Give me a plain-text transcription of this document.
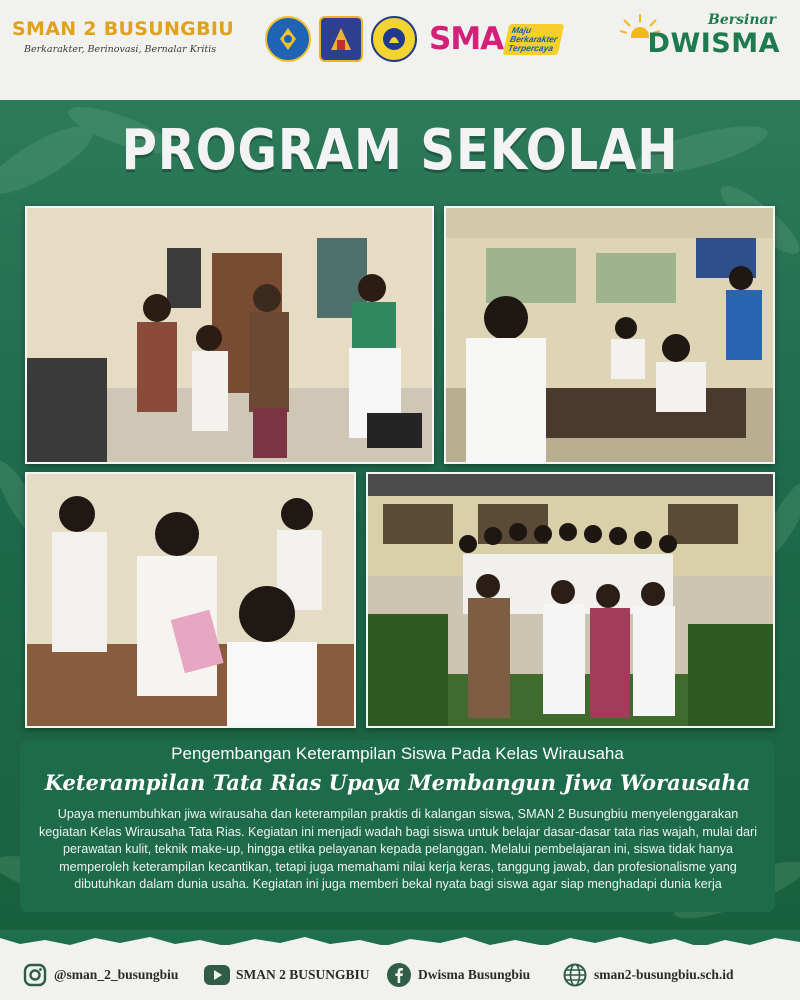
SMAN 2 BUSUNGBIU
Berkarakter, Berinovasi, Bernalar Kritis	SMA Maju
Berkarakter
Terpercaya
Bersinar
DWISMA
PROGRAM SEKOLAH
Pengembangan Keterampilan Siswa Pada Kelas Wirausaha
Keterampilan Tata Rias Upaya Membangun Jiwa Worausaha
Upaya menumbuhkan jiwa wirausaha dan keterampilan praktis di kalangan siswa, SMAN 2 Busungbiu menyelenggarakan kegiatan Kelas Wirausaha Tata Rias. Kegiatan ini menjadi wadah bagi siswa untuk belajar dasar-dasar tata rias wajah, mulai dari perawatan kulit, teknik make-up, hingga etika pelayanan kepada pelanggan. Melalui pembelajaran ini, siswa tidak hanya memperoleh keterampilan kecantikan, tetapi juga memahami nilai kerja keras, tanggung jawab, dan profesionalisme yang dibutuhkan dalam dunia usaha. Kegiatan ini juga memberi bekal nyata bagi siswa agar siap menghadapi dunia kerja
@sman_2_busungbiu	SMAN 2 BUSUNGBIU	Dwisma Busungbiu	sman2-busungbiu.sch.id
